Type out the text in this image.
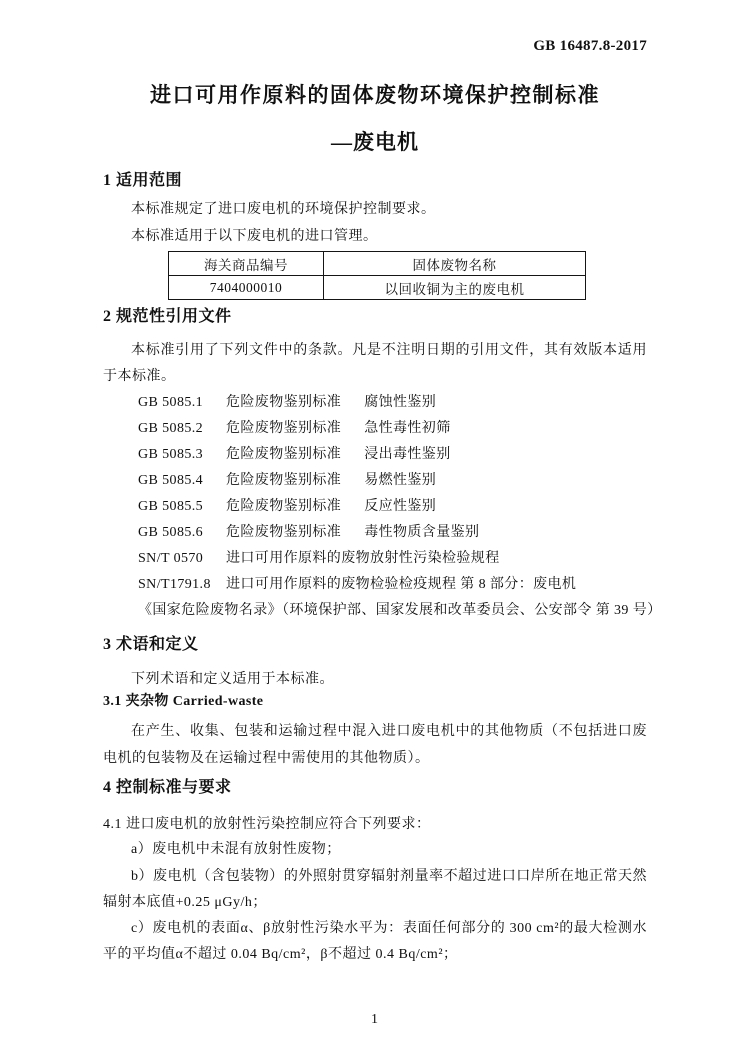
GB 16487.8-2017
进口可用作原料的固体废物环境保护控制标准
—废电机
1 适用范围
本标准规定了进口废电机的环境保护控制要求。
本标准适用于以下废电机的进口管理。
海关商品编号	固体废物名称
7404000010	以回收铜为主的废电机
2 规范性引用文件
本标准引用了下列文件中的条款。凡是不注明日期的引用文件，其有效版本适用于本标准。
GB 5085.1 危险废物鉴别标准 腐蚀性鉴别
GB 5085.2 危险废物鉴别标准 急性毒性初筛
GB 5085.3 危险废物鉴别标准 浸出毒性鉴别
GB 5085.4 危险废物鉴别标准 易燃性鉴别
GB 5085.5 危险废物鉴别标准 反应性鉴别
GB 5085.6 危险废物鉴别标准 毒性物质含量鉴别
SN/T 0570 进口可用作原料的废物放射性污染检验规程
SN/T1791.8 进口可用作原料的废物检验检疫规程 第 8 部分：废电机
《国家危险废物名录》（环境保护部、国家发展和改革委员会、公安部令 第 39 号）
3 术语和定义
下列术语和定义适用于本标准。
3.1 夹杂物 Carried-waste
在产生、收集、包装和运输过程中混入进口废电机中的其他物质（不包括进口废电机的包装物及在运输过程中需使用的其他物质）。
4 控制标准与要求
4.1 进口废电机的放射性污染控制应符合下列要求：
a）废电机中未混有放射性废物；
b）废电机（含包装物）的外照射贯穿辐射剂量率不超过进口口岸所在地正常天然辐射本底值+0.25 μGy/h；
c）废电机的表面α、β放射性污染水平为：表面任何部分的 300 cm²的最大检测水平的平均值α不超过 0.04 Bq/cm²，β不超过 0.4 Bq/cm²；
1
